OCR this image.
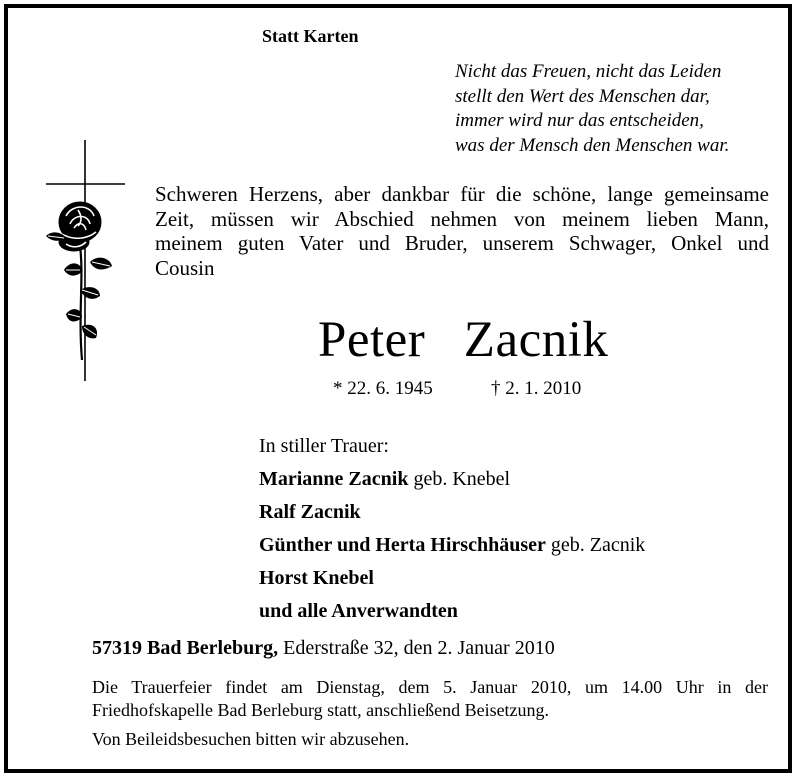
Statt Karten
Nicht das Freuen, nicht das Leiden
stellt den Wert des Menschen dar,
immer wird nur das entscheiden,
was der Mensch den Menschen war.
Schweren Herzens, aber dankbar für die schöne, lange gemeinsame
Zeit, müssen wir Abschied nehmen von meinem lieben Mann,
meinem guten Vater und Bruder, unserem Schwager, Onkel und
Cousin
Peter  Zacnik
* 22. 6. 1945	† 2. 1. 2010
In stiller Trauer:
Marianne Zacnik geb. Knebel
Ralf Zacnik
Günther und Herta Hirschhäuser geb. Zacnik
Horst Knebel
und alle Anverwandten
57319 Bad Berleburg, Ederstraße 32, den 2. Januar 2010
Die Trauerfeier findet am Dienstag, dem 5. Januar 2010, um 14.00 Uhr in der
Friedhofskapelle Bad Berleburg statt, anschließend Beisetzung.
Von Beileidsbesuchen bitten wir abzusehen.
